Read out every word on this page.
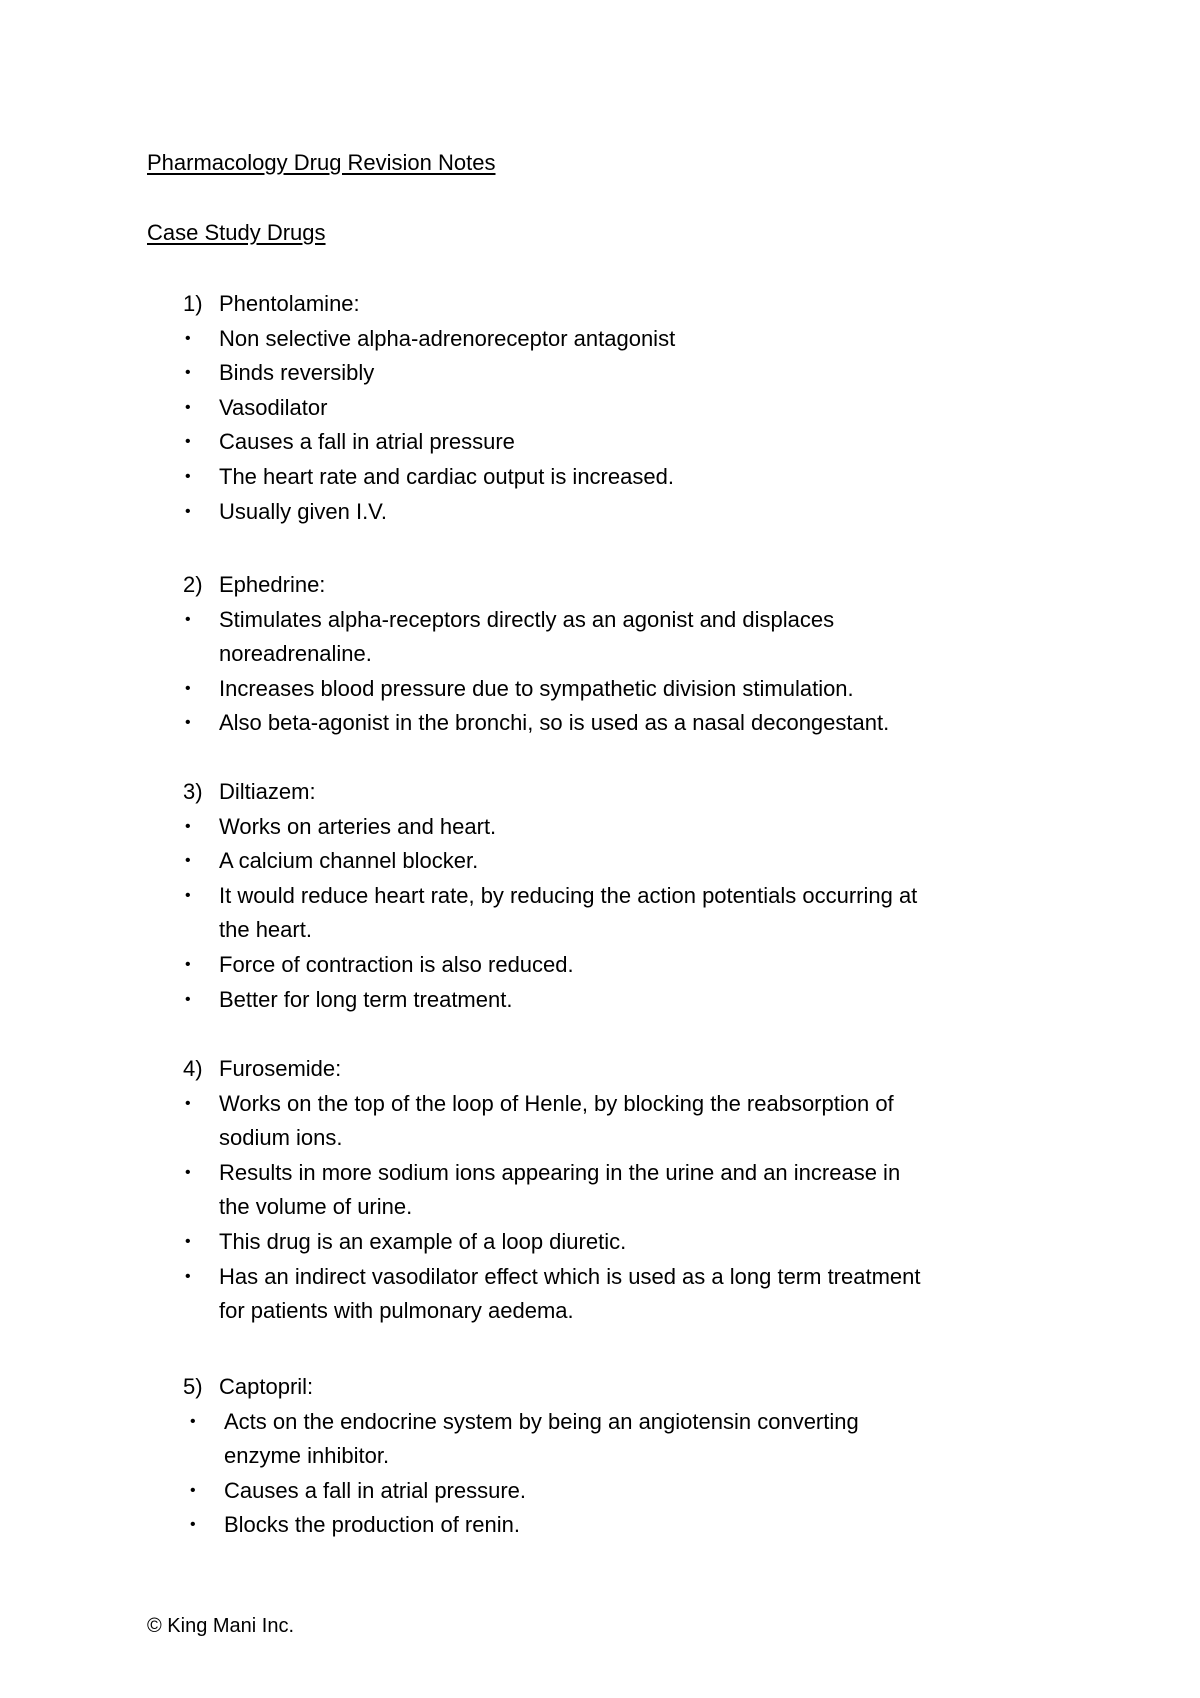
Pharmacology Drug Revision Notes
Case Study Drugs
1) Phentolamine:
• Non selective alpha-adrenoreceptor antagonist
• Binds reversibly
• Vasodilator
• Causes a fall in atrial pressure
• The heart rate and cardiac output is increased.
• Usually given I.V.
2) Ephedrine:
• Stimulates alpha-receptors directly as an agonist and displaces
noreadrenaline.
• Increases blood pressure due to sympathetic division stimulation.
• Also beta-agonist in the bronchi, so is used as a nasal decongestant.
3) Diltiazem:
• Works on arteries and heart.
• A calcium channel blocker.
• It would reduce heart rate, by reducing the action potentials occurring at
the heart.
• Force of contraction is also reduced.
• Better for long term treatment.
4) Furosemide:
• Works on the top of the loop of Henle, by blocking the reabsorption of
sodium ions.
• Results in more sodium ions appearing in the urine and an increase in
the volume of urine.
• This drug is an example of a loop diuretic.
• Has an indirect vasodilator effect which is used as a long term treatment
for patients with pulmonary aedema.
5) Captopril:
• Acts on the endocrine system by being an angiotensin converting
enzyme inhibitor.
• Causes a fall in atrial pressure.
• Blocks the production of renin.
© King Mani Inc.
